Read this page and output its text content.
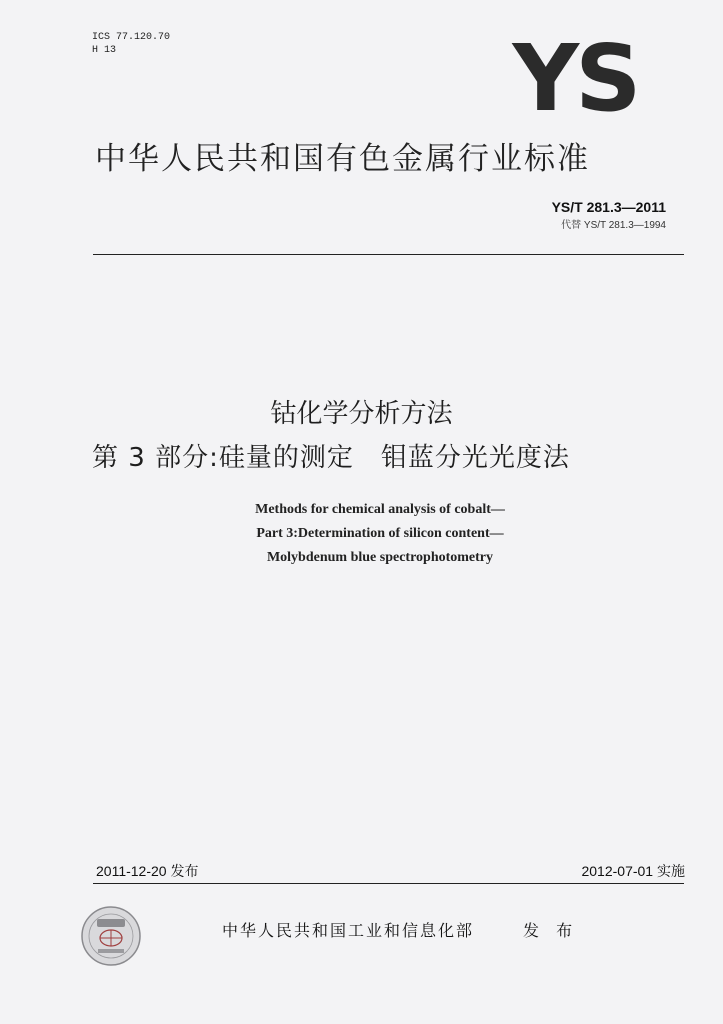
ICS 77.120.70
H 13	YS
中华人民共和国有色金属行业标准
YS/T 281.3—2011
代替 YS/T 281.3—1994
钴化学分析方法
第 3 部分:硅量的测定　钼蓝分光光度法
Methods for chemical analysis of cobalt—
Part 3:Determination of silicon content—
Molybdenum blue spectrophotometry
2011-12-20 发布	2012-07-01 实施
中华人民共和国工业和信息化部	发 布
